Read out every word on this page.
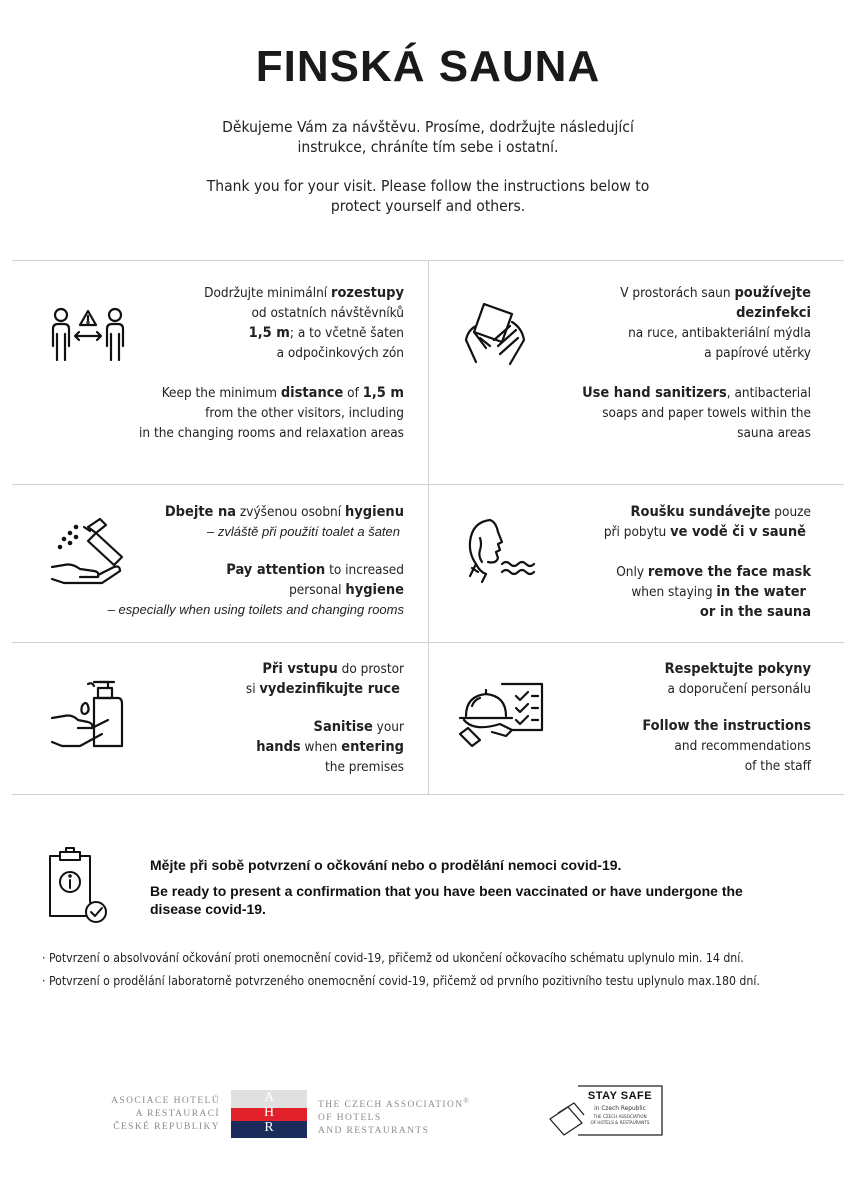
FINSKÁ SAUNA
Děkujeme Vám za návštěvu. Prosíme, dodržujte následující
instrukce, chráníte tím sebe i ostatní.
Thank you for your visit. Please follow the instructions below to
protect yourself and others.

Dodržujte minimální rozestupy

od ostatních návštěvníků

1,5 m; a to včetně šaten

a odpočinkových zón

Keep the minimum distance of 1,5 m

from the other visitors, including

in the changing rooms and relaxation areas

V prostorách saun používejte

dezinfekci

na ruce, antibakteriální mýdla

a papírové utěrky

Use hand sanitizers, antibacterial

soaps and paper towels within the

sauna areas

Dbejte na zvýšenou osobní hygienu

– zvláště při použití toalet a šaten

Pay attention to increased

personal hygiene

– especially when using toilets and changing rooms

Roušku sundávejte pouze

při pobytu ve vodě či v sauně

Only remove the face mask

when staying in the water

or in the sauna

Při vstupu do prostor

si vydezinfikujte ruce

Sanitise your

hands when entering

the premises

Respektujte pokyny

a doporučení personálu

Follow the instructions

and recommendations

of the staff

Mějte při sobě potvrzení o očkování nebo o prodělání nemoci covid-19.
Be ready to present a confirmation that you have been vaccinated or have undergone the disease covid-19.
· Potvrzení o absolvování očkování proti onemocnění covid-19, přičemž od ukončení očkovacího schématu uplynulo min. 14 dní.
· Potvrzení o prodělání laboratorně potvrzeného onemocnění covid-19, přičemž od prvního pozitivního testu uplynulo max.180 dní.
ASOCIACE HOTELŮ
A RESTAURACÍ
ČESKÉ REPUBLIKY
A
H
R
THE CZECH ASSOCIATION®
OF HOTELS
AND RESTAURANTS
STAY SAFE
in Czech Republic
THE CZECH ASSOCIATION
OF HOTELS & RESTAURANTS
